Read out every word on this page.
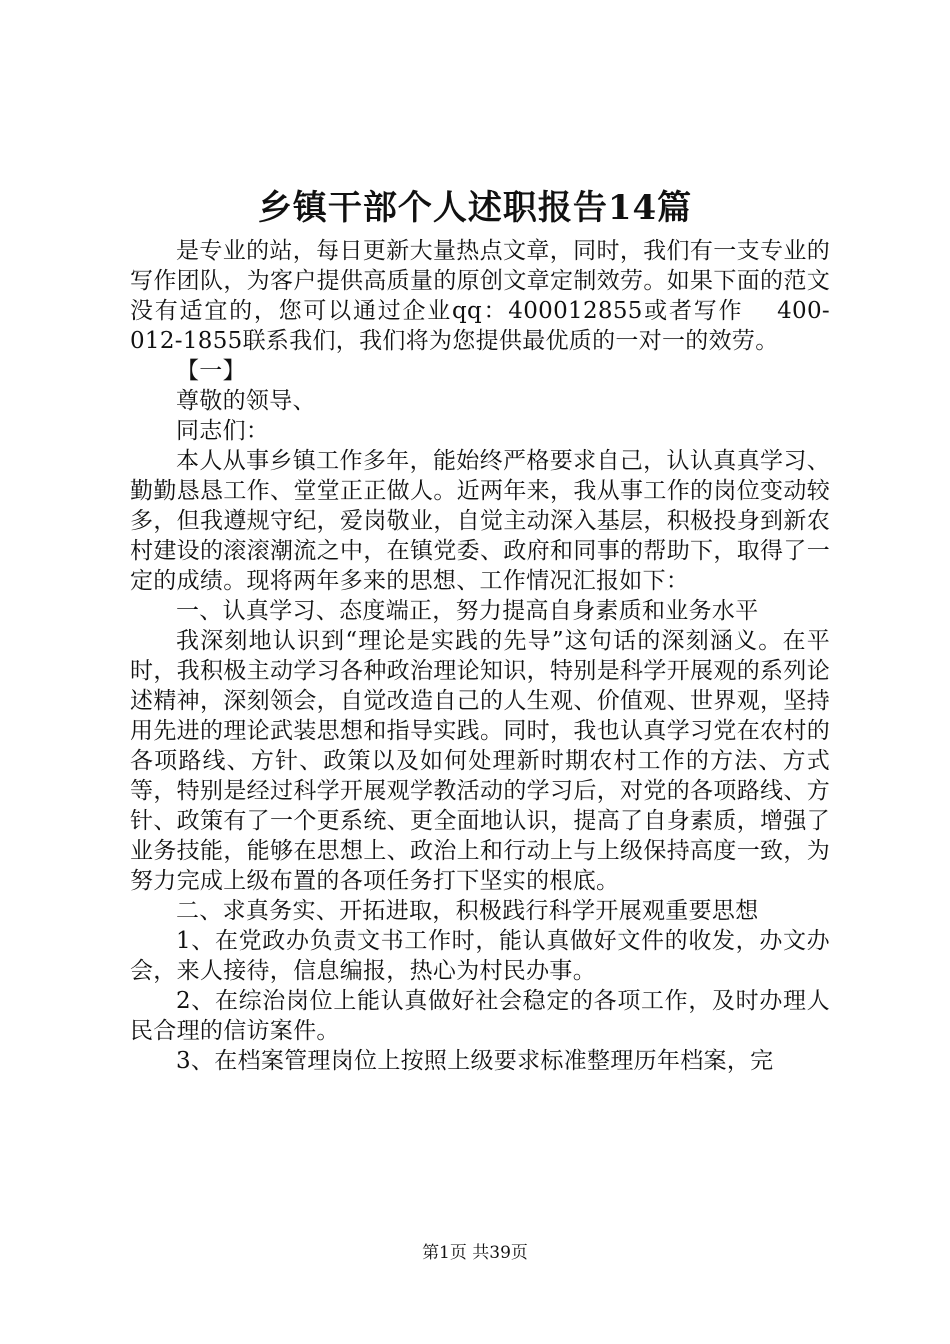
乡镇干部个人述职报告14篇

是专业的站，每日更新大量热点文章，同时，我们有一支专业的写作团队，为客户提供高质量的原创文章定制效劳。如果下面的范文没有适宜的，您可以通过企业qq：400012855或者写作　 400-012-1855联系我们，我们将为您提供最优质的一对一的效劳。

【一】

尊敬的领导、

同志们：

本人从事乡镇工作多年，能始终严格要求自己，认认真真学习、勤勤恳恳工作、堂堂正正做人。近两年来，我从事工作的岗位变动较多，但我遵规守纪，爱岗敬业，自觉主动深入基层，积极投身到新农村建设的滚滚潮流之中，在镇党委、政府和同事的帮助下，取得了一定的成绩。现将两年多来的思想、工作情况汇报如下：

一、认真学习、态度端正，努力提高自身素质和业务水平

我深刻地认识到“理论是实践的先导”这句话的深刻涵义。在平时，我积极主动学习各种政治理论知识，特别是科学开展观的系列论述精神，深刻领会，自觉改造自己的人生观、价值观、世界观，坚持用先进的理论武装思想和指导实践。同时，我也认真学习党在农村的各项路线、方针、政策以及如何处理新时期农村工作的方法、方式等，特别是经过科学开展观学教活动的学习后，对党的各项路线、方针、政策有了一个更系统、更全面地认识，提高了自身素质，增强了业务技能，能够在思想上、政治上和行动上与上级保持高度一致，为努力完成上级布置的各项任务打下坚实的根底。

二、求真务实、开拓进取，积极践行科学开展观重要思想

1、在党政办负责文书工作时，能认真做好文件的收发，办文办会，来人接待，信息编报，热心为村民办事。

2、在综治岗位上能认真做好社会稳定的各项工作，及时办理人民合理的信访案件。

3、在档案管理岗位上按照上级要求标准整理历年档案，完

第1页 共39页
